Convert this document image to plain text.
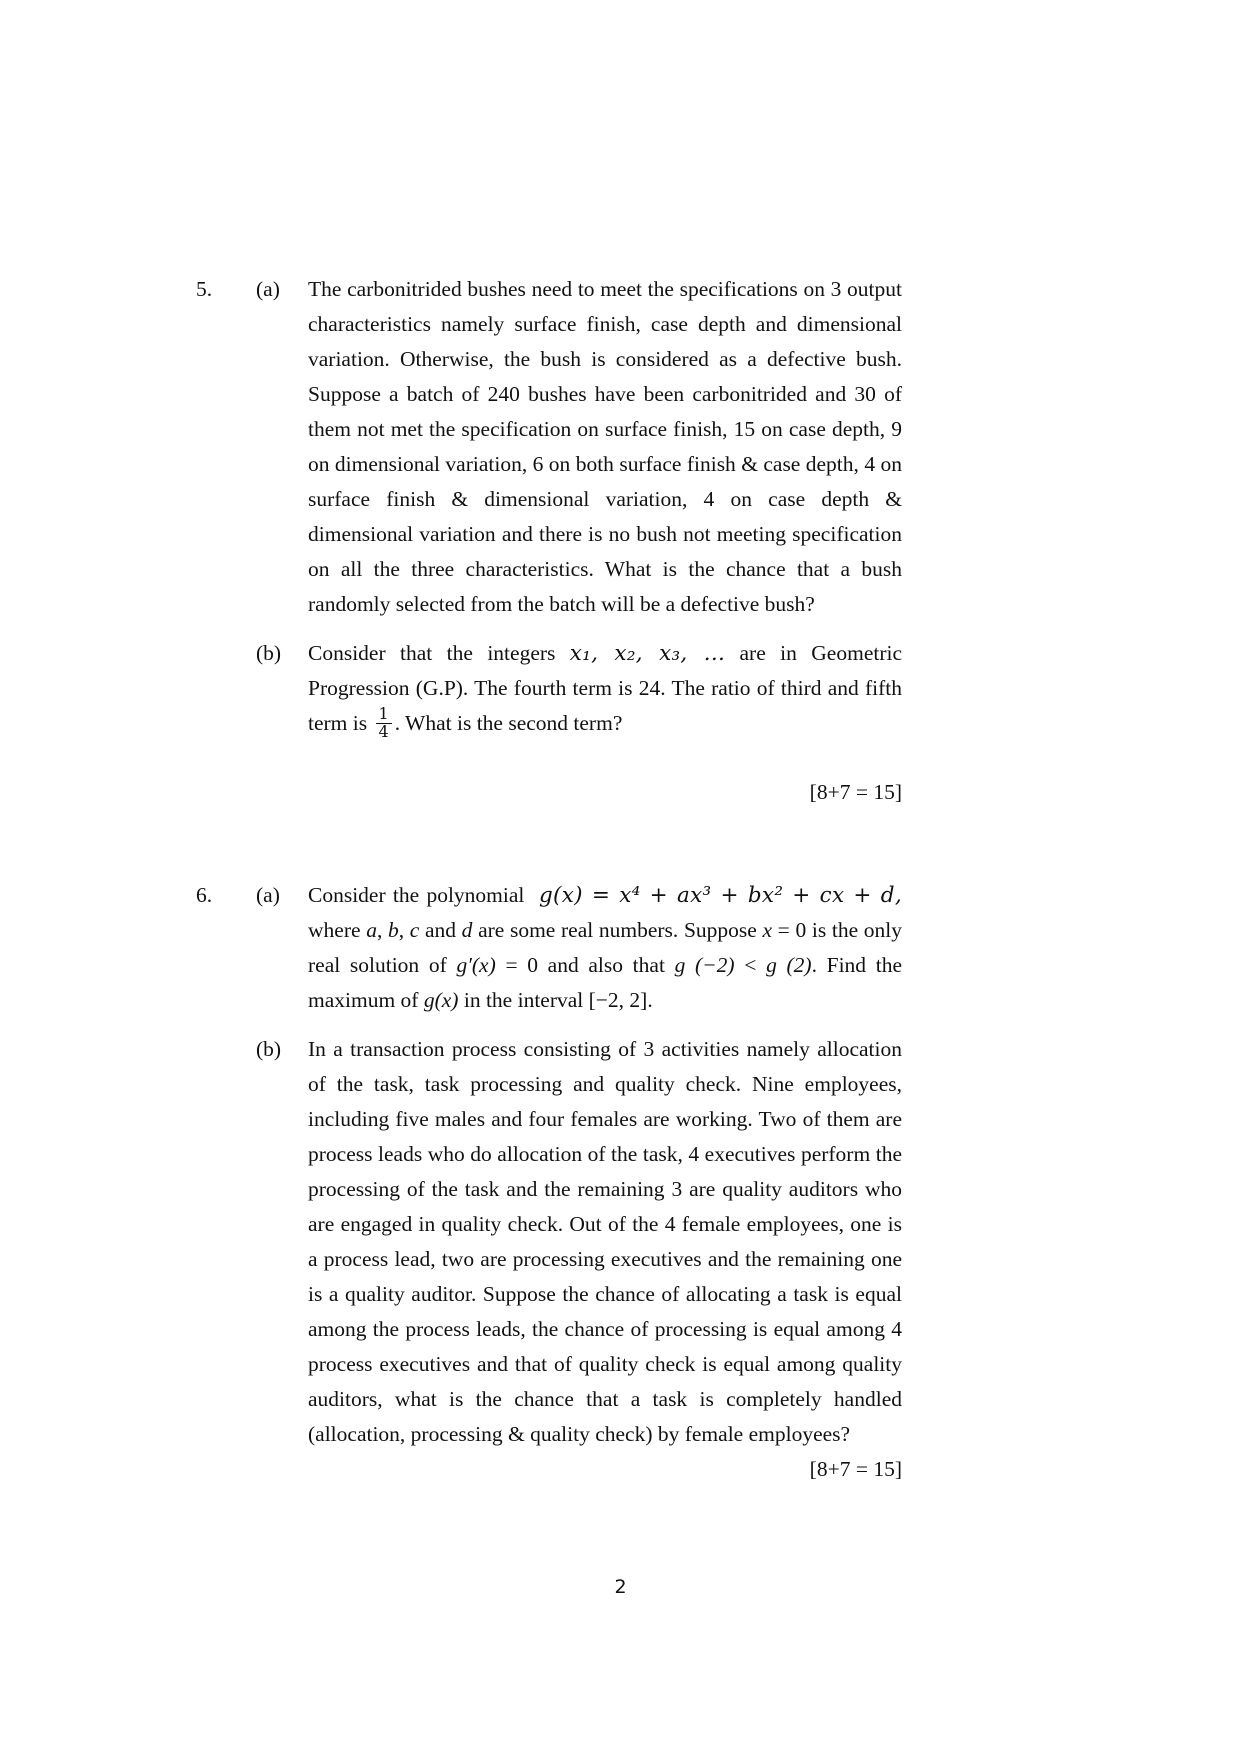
5.	(a)	The carbonitrided bushes need to meet the specifications on 3 output characteristics namely surface finish, case depth and dimensional variation. Otherwise, the bush is considered as a defective bush. Suppose a batch of 240 bushes have been carbonitrided and 30 of them not met the specification on surface finish, 15 on case depth, 9 on dimensional variation, 6 on both surface finish & case depth, 4 on surface finish & dimensional variation, 4 on case depth & dimensional variation and there is no bush not meeting specification on all the three characteristics. What is the chance that a bush randomly selected from the batch will be a defective bush?
(b)	Consider that the integers x₁, x₂, x₃, ... are in Geometric Progression (G.P). The fourth term is 24. The ratio of third and fifth term is $\frac{1}{4}$ . What is the second term?
[8+7 = 15]
6.	(a)	Consider the polynomial g(x) = x⁴ + ax³ + bx² + cx + d, where a, b, c and d are some real numbers. Suppose x = 0 is the only real solution of g′(x) = 0 and also that g (−2) < g (2). Find the maximum of g(x) in the interval [−2, 2].
(b)	In a transaction process consisting of 3 activities namely allocation of the task, task processing and quality check. Nine employees, including five males and four females are working. Two of them are process leads who do allocation of the task, 4 executives perform the processing of the task and the remaining 3 are quality auditors who are engaged in quality check. Out of the 4 female employees, one is a process lead, two are processing executives and the remaining one is a quality auditor. Suppose the chance of allocating a task is equal among the process leads, the chance of processing is equal among 4 process executives and that of quality check is equal among quality auditors, what is the chance that a task is completely handled (allocation, processing & quality check) by female employees?
[8+7 = 15]
2
